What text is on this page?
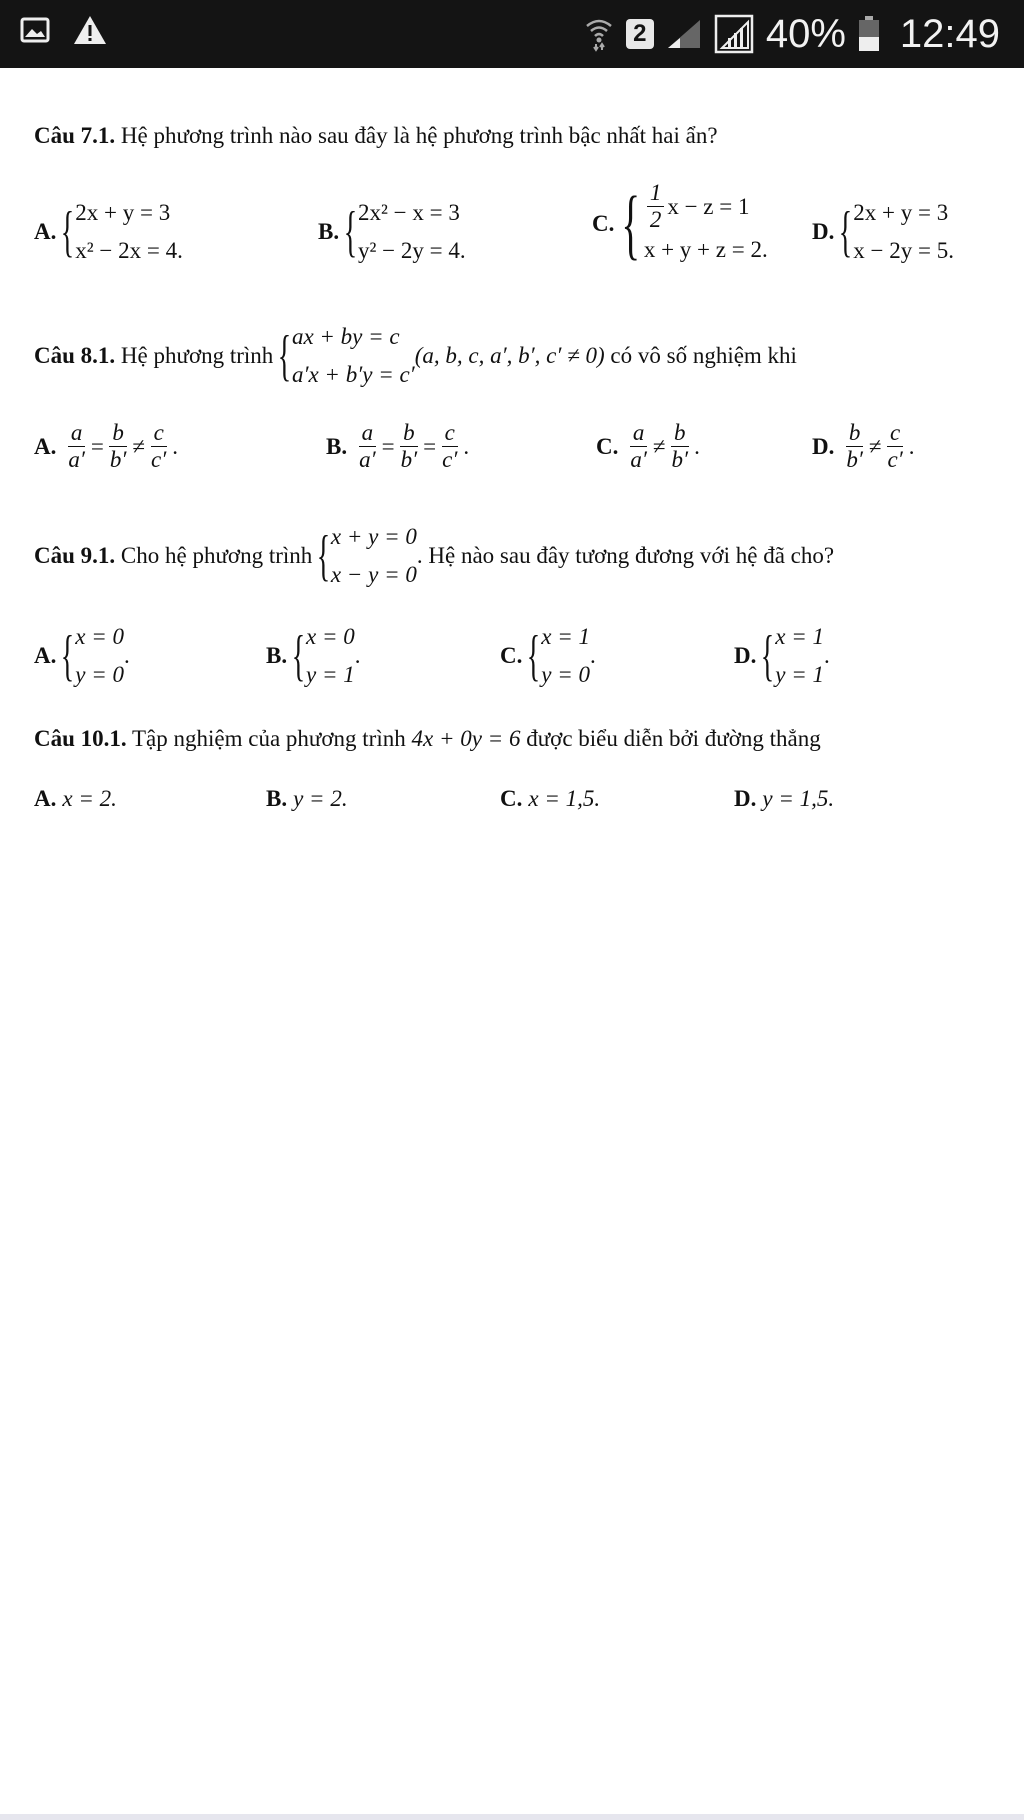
2	40% 12:49
Câu 7.1. Hệ phương trình nào sau đây là hệ phương trình bậc nhất hai ẩn?
A. { 2x + y = 3
x² − 2x = 4.
B. { 2x² − x = 3
y² − 2y = 4.
C. { $\frac{1}{2}$ x − z = 1
x + y + z = 2.
D. { 2x + y = 3
x − 2y = 5.
Câu 8.1.
Hệ phương trình
{ ax + by = c
a′x + b′y = c′
(a, b, c, a′, b′, c′ ≠ 0)
có vô số nghiệm khi
A. $\frac{a}{a'} = \frac{b}{b'} \ne \frac{c}{c'}$ .	B. $\frac{a}{a'} = \frac{b}{b'} = \frac{c}{c'}$ .	C. $\frac{a}{a'} \ne \frac{b}{b'}$ .	D. $\frac{b}{b'} \ne \frac{c}{c'}$ .
Câu 9.1.
Cho hệ phương trình
{ x + y = 0
x − y = 0
. Hệ nào sau đây tương đương với hệ đã cho?
A. { x = 0
y = 0
.	B. { x = 0
y = 1
.	C. { x = 1
y = 0
.	D. { x = 1
y = 1
.
Câu 10.1. Tập nghiệm của phương trình 4x + 0y = 6 được biểu diễn bởi đường thẳng
A. x = 2.	B. y = 2.	C. x = 1,5.	D. y = 1,5.
